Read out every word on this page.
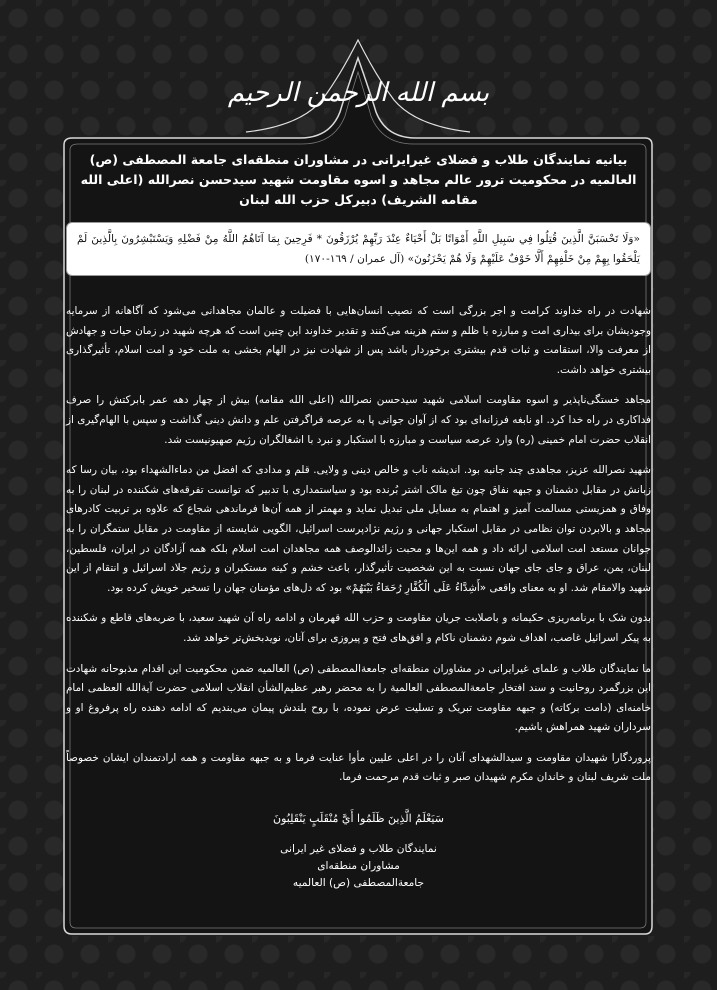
بسم الله الرحمن الرحیم
بیانیه نمایندگان طلاب و فضلای غیرایرانی در مشاوران منطقه‌ای جامعة المصطفی (ص) العالمیه در محکومیت ترور عالم مجاهد و اسوه مقاومت شهید سیدحسن نصرالله (اعلی الله مقامه الشریف) دبیرکل حزب الله لبنان
«وَلَا تَحْسَبَنَّ الَّذِينَ قُتِلُوا فِي سَبِيلِ اللَّهِ أَمْوَاتًا بَلْ أَحْيَاءٌ عِنْدَ رَبِّهِمْ يُرْزَقُونَ * فَرِحِينَ بِمَا آتَاهُمُ اللَّهُ مِنْ فَضْلِهِ وَيَسْتَبْشِرُونَ بِالَّذِينَ لَمْ يَلْحَقُوا بِهِمْ مِنْ خَلْفِهِمْ أَلَّا خَوْفٌ عَلَيْهِمْ وَلَا هُمْ يَحْزَنُونَ» (آل عمران / ١٦٩-١٧٠)

شهادت در راه خداوند کرامت و اجر بزرگی است که نصیب انسان‌هایی با فضیلت و عالمان مجاهدانی می‌شود که آگاهانه از سرمایه وجودیشان برای بیداری امت و مبارزه با ظلم و ستم هزینه می‌کنند و تقدیر خداوند این چنین است که هرچه شهید در زمان حیات و جهادش از معرفت والا، استقامت و ثبات قدم بیشتری برخوردار باشد پس از شهادت نیز در الهام بخشی به ملت خود و امت اسلام، تأثیرگذاری بیشتری خواهد داشت.

مجاهد خستگی‌ناپذیر و اسوه مقاومت اسلامی شهید سیدحسن نصرالله (اعلی الله مقامه) بیش از چهار دهه عمر بابرکتش را صرف فداکاری در راه خدا کرد. او نابغه فرزانه‌ای بود که از آوان جوانی پا به عرصه فراگرفتن علم و دانش دینی گذاشت و سپس با الهام‌گیری از انقلاب حضرت امام خمینی (ره) وارد عرصه سیاست و مبارزه با استکبار و نبرد با اشغالگران رژیم صهیونیست شد.

شهید نصرالله عزیز، مجاهدی چند جانبه بود. اندیشه ناب و خالص دینی و ولایی. قلم و مدادی که افضل من دماءالشهداء بود، بیان رسا که زبانش در مقابل دشمنان و جبهه نفاق چون تیغ مالک اشتر بُرنده بود و سیاستمداری با تدبیر که توانست تفرقه‌های شکننده در لبنان را به وفاق و همزیستی مسالمت آمیز و اهتمام به مسایل ملی تبدیل نماید و مهمتر از همه آن‌ها فرماندهی شجاع که علاوه بر تربیت کادرهای مجاهد و بالابردن توان نظامی در مقابل استکبار جهانی و رژیم نژادپرست اسرائیل، الگویی شایسته از مقاومت در مقابل ستمگران را به جوانان مستعد امت اسلامی ارائه داد و همه این‌ها و محبت زائدالوصف همه مجاهدان امت اسلام بلکه همه آزادگان در ایران، فلسطین، لبنان، یمن، عراق و جای جای جهان نسبت به این شخصیت تأثیرگذار، باعث خشم و کینه مستکبران و رژیم جلاد اسرائیل و انتقام از این شهید والامقام شد. او به معنای واقعی «أَشِدَّاءُ عَلَى الْكُفَّارِ رُحَمَاءُ بَيْنَهُمْ» بود که دل‌های مؤمنان جهان را تسخیر خویش کرده بود.

بدون شک با برنامه‌ریزی حکیمانه و باصلابت جریان مقاومت و حزب الله قهرمان و ادامه راه آن شهید سعید، با ضربه‌های قاطع و شکننده به پیکر اسرائیل غاصب، اهداف شوم دشمنان ناکام و افق‌های فتح و پیروزی برای آنان، نویدبخش‌تر خواهد شد.

ما نمایندگان طلاب و علمای غیرایرانی در مشاوران منطقه‌ای جامعةالمصطفی (ص) العالمیه ضمن محکومیت این اقدام مذبوحانه شهادت این بزرگمرد روحانیت و سند افتخار جامعةالمصطفی العالمیة را به محضر رهبر عظیم‌الشأن انقلاب اسلامی حضرت آیةالله العظمی امام خامنه‌ای (دامت برکاته) و جبهه مقاومت تبریک و تسلیت عرض نموده، با روح بلندش پیمان می‌بندیم که ادامه دهنده راه پرفروغ او و سرداران شهید همراهش باشیم.

پروردگارا شهیدان مقاومت و سیدالشهدای آنان را در اعلی علیین مأوا عنایت فرما و به جبهه مقاومت و همه ارادتمندان ایشان خصوصاً ملت شریف لبنان و خاندان مکرم شهیدان صبر و ثبات قدم مرحمت فرما.

سَيَعْلَمُ الَّذِينَ ظَلَمُوا أَيَّ مُنْقَلَبٍ يَنْقَلِبُونَ
نمایندگان طلاب و فضلای غیر ایرانی
مشاوران منطقه‌ای
جامعة‌المصطفی (ص) العالمیه
